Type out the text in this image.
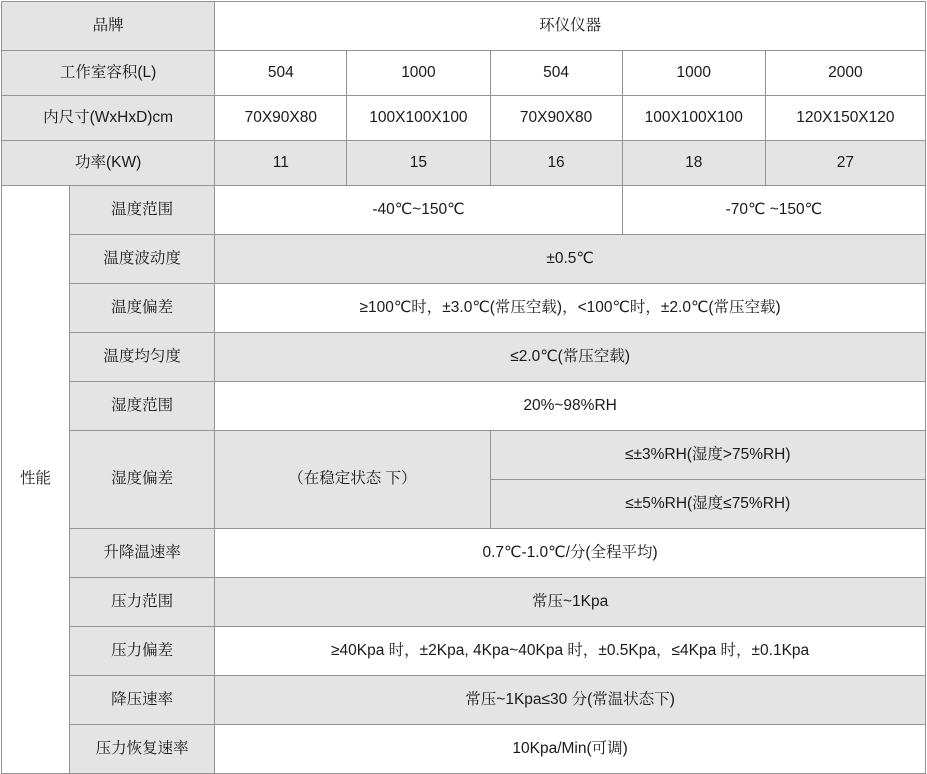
品牌		环仪仪器				
工作室容积(L)		504	1000	504	1000	2000
内尺寸(WxHxD)cm		70X90X80	100X100X100	70X90X80	100X100X100	120X150X120
功率(KW)		11	15	16	18	27
性能	温度范围	-40℃~150℃			-70℃ ~150℃	
	温度波动度	±0.5℃				
	温度偏差	≥100℃时，±3.0℃(常压空载)，<100℃时，±2.0℃(常压空载)				
	温度均匀度	≤2.0℃(常压空载)				
	湿度范围	20%~98%RH				
	湿度偏差	（在稳定状态 下）		≤±3%RH(湿度>75%RH)		
				≤±5%RH(湿度≤75%RH)		
	升降温速率	0.7℃-1.0℃/分(全程平均)				
	压力范围	常压~1Kpa				
	压力偏差	≥40Kpa 时，±2Kpa, 4Kpa~40Kpa 时，±0.5Kpa，≤4Kpa 时，±0.1Kpa				
	降压速率	常压~1Kpa≤30 分(常温状态下)				
	压力恢复速率	10Kpa/Min(可调)				
